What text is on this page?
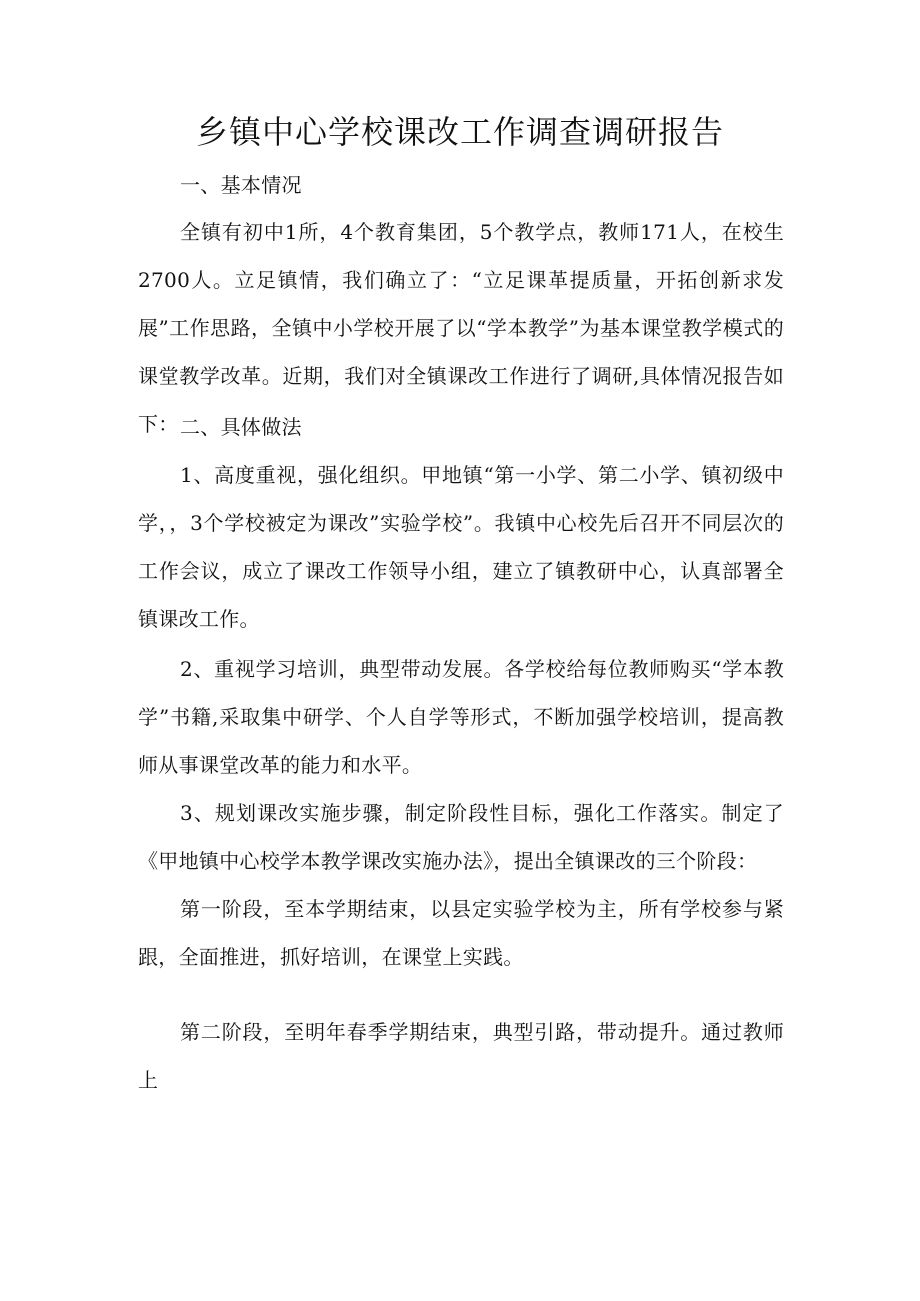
乡镇中心学校课改工作调查调研报告

一、基本情况

全镇有初中1所，4个教育集团，5个教学点，教师171人，在校生2700人。立足镇情，我们确立了：“立足课革提质量，开拓创新求发展”工作思路，全镇中小学校开展了以“学本教学”为基本课堂教学模式的课堂教学改革。近期，我们对全镇课改工作进行了调研,具体情况报告如下： 二、具体做法

1、高度重视，强化组织。甲地镇“第一小学、第二小学、镇初级中学，，3个学校被定为课改”实验学校”。我镇中心校先后召开不同层次的工作会议，成立了课改工作领导小组，建立了镇教研中心，认真部署全镇课改工作。

2、重视学习培训，典型带动发展。各学校给每位教师购买“学本教学”书籍,采取集中研学、个人自学等形式，不断加强学校培训，提高教师从事课堂改革的能力和水平。

3、规划课改实施步骤，制定阶段性目标，强化工作落实。制定了《甲地镇中心校学本教学课改实施办法》，提出全镇课改的三个阶段：

第一阶段，至本学期结束，以县定实验学校为主，所有学校参与紧跟，全面推进，抓好培训，在课堂上实践。

第二阶段，至明年春季学期结束，典型引路，带动提升。通过教师上
